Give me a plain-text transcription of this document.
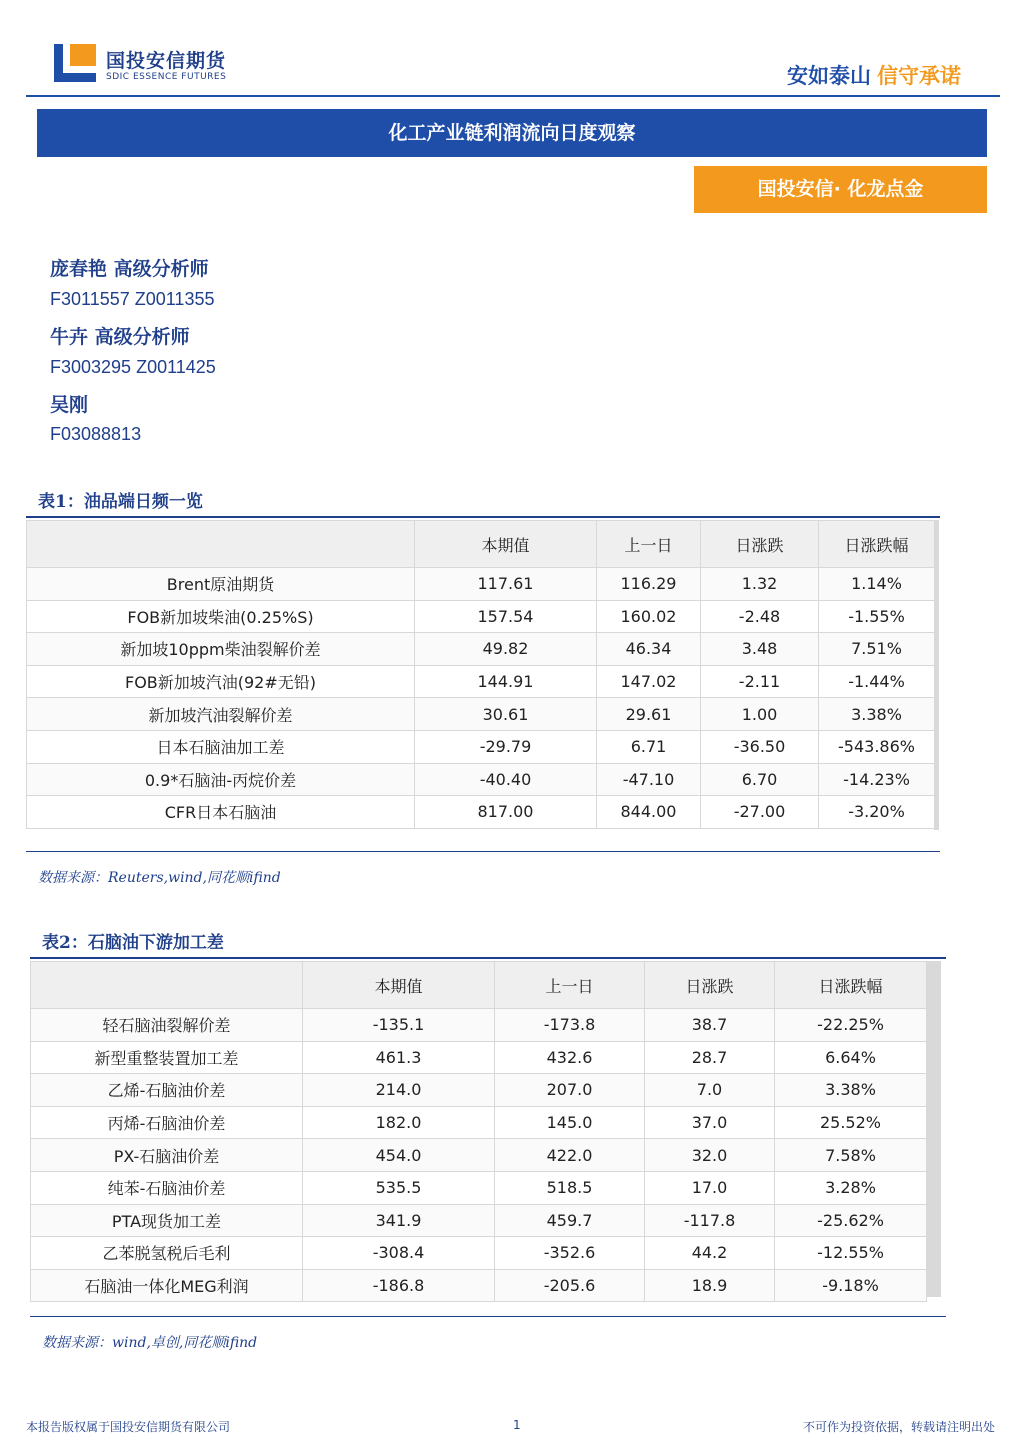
国投安信期货
SDIC ESSENCE FUTURES	安如泰山 信守承诺
化工产业链利润流向日度观察
国投安信· 化龙点金
庞春艳 高级分析师
F3011557 Z0011355
牛卉 高级分析师
F3003295 Z0011425
吴刚
F03088813
表1：油品端日频一览
	本期值	上一日	日涨跌	日涨跌幅
Brent原油期货	117.61	116.29	1.32	1.14%
FOB新加坡柴油(0.25%S)	157.54	160.02	-2.48	-1.55%
新加坡10ppm柴油裂解价差	49.82	46.34	3.48	7.51%
FOB新加坡汽油(92#无铅)	144.91	147.02	-2.11	-1.44%
新加坡汽油裂解价差	30.61	29.61	1.00	3.38%
日本石脑油加工差	-29.79	6.71	-36.50	-543.86%
0.9*石脑油-丙烷价差	-40.40	-47.10	6.70	-14.23%
CFR日本石脑油	817.00	844.00	-27.00	-3.20%
数据来源：Reuters,wind,同花顺ifind
表2：石脑油下游加工差
	本期值	上一日	日涨跌	日涨跌幅
轻石脑油裂解价差	-135.1	-173.8	38.7	-22.25%
新型重整装置加工差	461.3	432.6	28.7	6.64%
乙烯-石脑油价差	214.0	207.0	7.0	3.38%
丙烯-石脑油价差	182.0	145.0	37.0	25.52%
PX-石脑油价差	454.0	422.0	32.0	7.58%
纯苯-石脑油价差	535.5	518.5	17.0	3.28%
PTA现货加工差	341.9	459.7	-117.8	-25.62%
乙苯脱氢税后毛利	-308.4	-352.6	44.2	-12.55%
石脑油一体化MEG利润	-186.8	-205.6	18.9	-9.18%
数据来源：wind,卓创,同花顺ifind
本报告版权属于国投安信期货有限公司	1	不可作为投资依据，转载请注明出处
